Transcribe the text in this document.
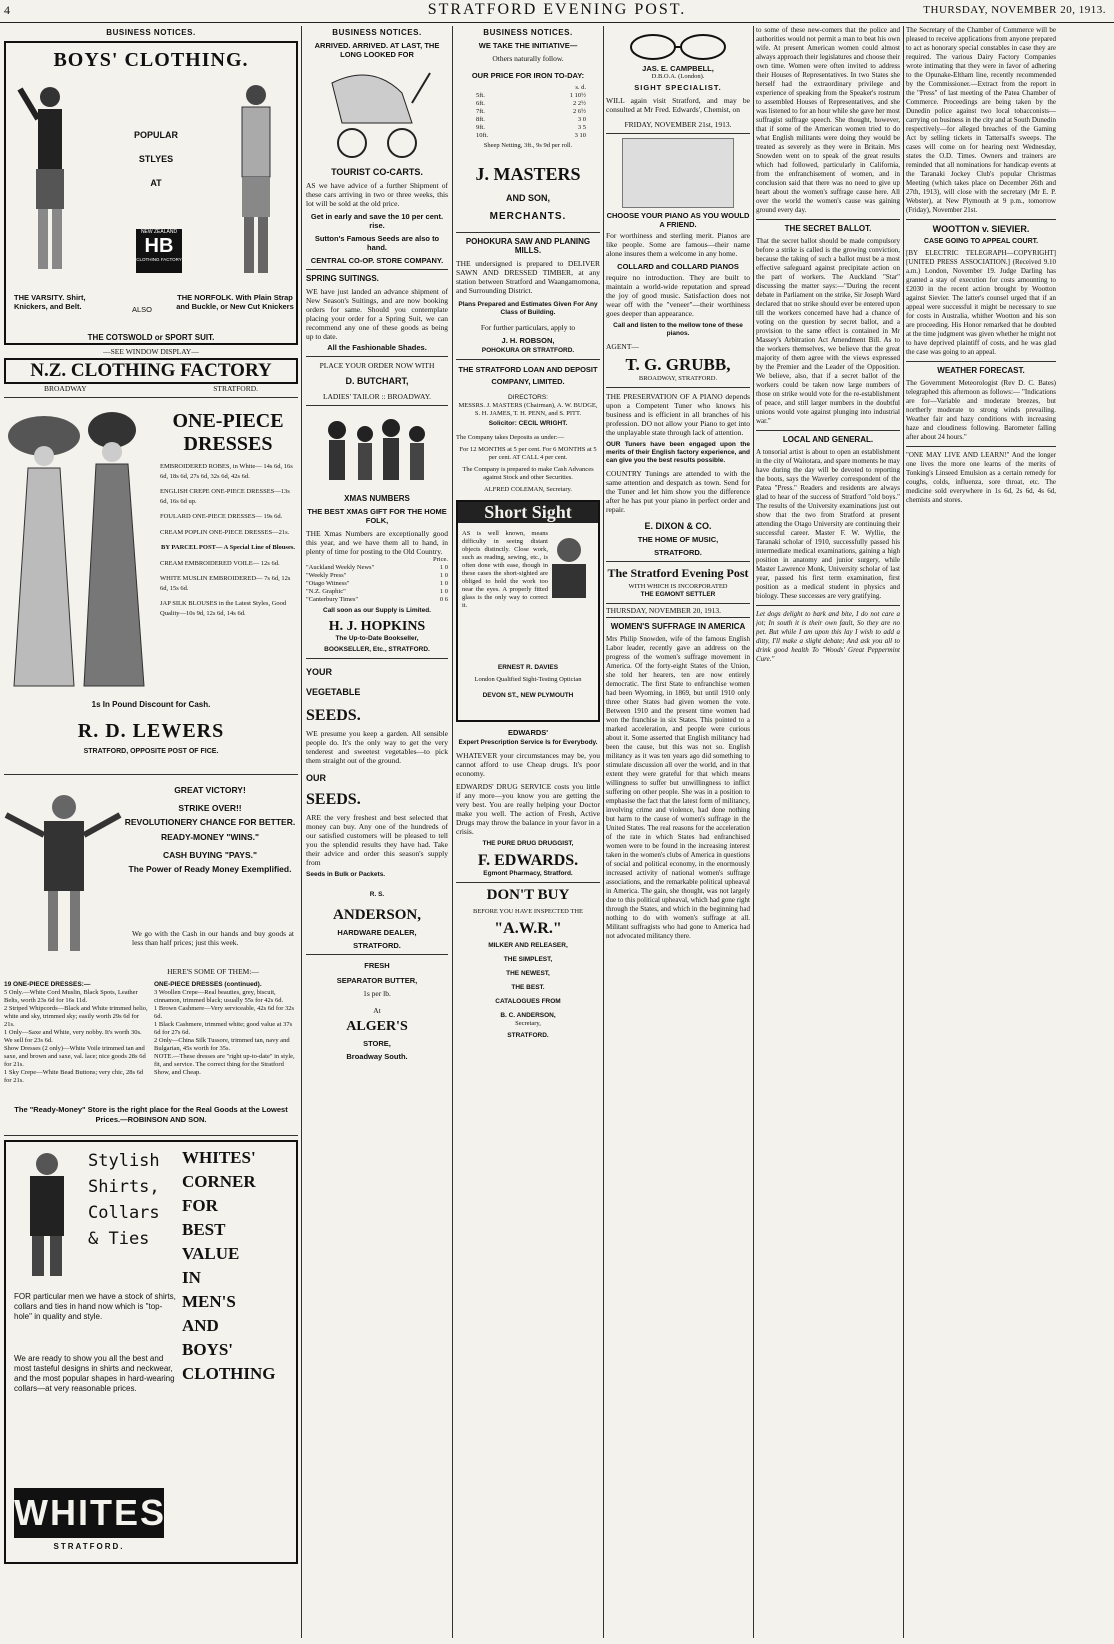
4	STRATFORD EVENING POST.	THURSDAY, NOVEMBER 20, 1913.
BUSINESS NOTICES.
BOYS' CLOTHING.
POPULAR
STLYES
AT
NEW ZEALAND
HB
CLOTHING FACTORY
THE VARSITY. Shirt, Knickers, and Belt.	ALSO
THE NORFOLK. With Plain Strap and Buckle, or New Cut Knickers
THE COTSWOLD or SPORT SUIT.
—SEE WINDOW DISPLAY—
N.Z. CLOTHING FACTORY
BROADWAY	STRATFORD.
ONE-PIECE
DRESSES
EMBROIDERED ROBES, in White— 14s 6d, 16s 6d, 18s 6d, 27s 6d, 32s 6d, 42s 6d.
ENGLISH CREPE ONE-PIECE DRESSES—13s 6d, 16s 6d up.
FOULARD ONE-PIECE DRESSES— 19s 6d.
CREAM POPLIN ONE-PIECE DRESSES—21s.
BY PARCEL POST— A Special Line of Blouses.
CREAM EMBROIDERED VOILE— 12s 6d.
WHITE MUSLIN EMBROIDERED— 7s 6d, 12s 6d, 15s 6d.
JAP SILK BLOUSES in the Latest Styles, Good Quality—10s 9d, 12s 6d, 14s 6d.
1s In Pound Discount for Cash.
R. D. LEWERS
STRATFORD, OPPOSITE POST OF FICE.
GREAT VICTORY!
STRIKE OVER!!
REVOLUTIONERY CHANCE FOR BETTER.
READY-MONEY "WINS."
CASH BUYING "PAYS."
The Power of Ready Money Exemplified.
We go with the Cash in our hands and buy goods at less than half prices; just this week.
HERE'S SOME OF THEM:—
19 ONE-PIECE DRESSES:—
5 Only.—White Cord Muslin, Black Spots, Leather Belts, worth 23s 6d for 16s 11d.
2 Striped Whipcords—Black and White trimmed helio, white and sky, trimmed sky; easily worth 29s 6d for 21s.
1 Only—Saxe and White, very nobby. It's worth 30s. We sell for 23s 6d.
Show Dresses (2 only)—White Voile trimmed tan and saxe, and brown and saxe, val. lace; nice goods 28s 6d for 21s.
1 Sky Crepe—White Bead Buttons; very chic, 28s 6d for 21s.
ONE-PIECE DRESSES (continued).
3 Woollen Crepe—Real beauties, grey, biscuit, cinnamon, trimmed black; usually 55s for 42s 6d.
1 Brown Cashmere—Very serviceable, 42s 6d for 32s 6d.
1 Black Cashmere, trimmed white; good value at 37s 6d for 27s 6d.
2 Only—China Silk Tussore, trimmed tan, navy and Bulgarian, 45s worth for 35s.
NOTE.—These dresses are "right up-to-date" in style, fit, and service. The correct thing for the Stratford Show, and Cheap.
The "Ready-Money" Store is the right place for the Real Goods at the Lowest Prices.—ROBINSON AND SON.
Stylish Shirts, Collars & Ties
WHITES'
CORNER
FOR
BEST
VALUE
IN
MEN'S
AND
BOYS'
CLOTHING
FOR particular men we have a stock of shirts, collars and ties in hand now which is "top-hole" in quality and style.
We are ready to show you all the best and most tasteful designs in shirts and neckwear, and the most popular shapes in hard-wearing collars—at very reasonable prices.
WHITES
STRATFORD.
BUSINESS NOTICES.
ARRIVED. ARRIVED. AT LAST, THE LONG LOOKED FOR
TOURIST CO-CARTS.
AS we have advice of a further Shipment of these cars arriving in two or three weeks, this lot will be sold at the old price.
Get in early and save the 10 per cent. rise.
Sutton's Famous Seeds are also to hand.
CENTRAL CO-OP. STORE COMPANY.
SPRING SUITINGS.
WE have just landed an advance shipment of New Season's Suitings, and are now booking orders for same. Should you contemplate placing your order for a Spring Suit, we can recommend any one of these goods as being up to date.
All the Fashionable Shades.
PLACE YOUR ORDER NOW WITH
D. BUTCHART,
LADIES' TAILOR :: BROADWAY.
XMAS NUMBERS
THE BEST XMAS GIFT FOR THE HOME FOLK,
THE Xmas Numbers are exceptionally good this year, and we have them all to hand, in plenty of time for posting to the Old Country.
Price.
"Auckland Weekly News"	1 0
"Weekly Press"	1 0
"Otago Witness"	1 0
"N.Z. Graphic"	1 0
"Canterbury Times"	0 6
Call soon as our Supply is Limited.
H. J. HOPKINS
The Up-to-Date Bookseller,
BOOKSELLER, Etc., STRATFORD.
YOUR
VEGETABLE
SEEDS.
WE presume you keep a garden. All sensible people do. It's the only way to get the very tenderest and sweetest vegetables—to pick them straight out of the ground.
OUR
SEEDS.
ARE the very freshest and best selected that money can buy. Any one of the hundreds of our satisfied customers will be pleased to tell you the splendid results they have had. Take their advice and order this season's supply from
Seeds in Bulk or Packets.
R. S.
ANDERSON,
HARDWARE DEALER,
STRATFORD.
FRESH
SEPARATOR BUTTER,
1s per lb.
At
ALGER'S
STORE,
Broadway South.
BUSINESS NOTICES.
WE TAKE THE INITIATIVE—
Others naturally follow.
OUR PRICE FOR IRON TO-DAY:
s. d.
5ft.	1 10½
6ft.	2 2½
7ft.	2 6½
8ft.	3 0
9ft.	3 5
10ft.	3 10
Sheep Netting, 3ft., 9s 9d per roll.
J. MASTERS
AND SON,
MERCHANTS.
POHOKURA SAW AND PLANING MILLS.
THE undersigned is prepared to DELIVER SAWN AND DRESSED TIMBER, at any station between Stratford and Waangamomona, and Surrounding District.
Plans Prepared and Estimates Given For Any Class of Building.
For further particulars, apply to
J. H. ROBSON,
POHOKURA OR STRATFORD.
THE STRATFORD LOAN AND DEPOSIT COMPANY, LIMITED.
DIRECTORS:
MESSRS. J. MASTERS (Chairman), A. W. BUDGE, S. H. JAMES, T. H. PENN, and S. PITT.
Solicitor: CECIL WRIGHT.
The Company takes Deposits as under:—
For 12 MONTHS at 5 per cent. For 6 MONTHS at 5 per cent. AT CALL 4 per cent.
The Company is prepared to make Cash Advances against Stock and other Securities.
ALFRED COLEMAN, Secretary.
Short Sight
AS is well known, means difficulty in seeing distant objects distinctly. Close work, such as reading, sewing, etc., is often done with ease, though in these cases the short-sighted are obliged to hold the work too near the eyes. A properly fitted glass is the only way to correct it.
ERNEST R. DAVIES
London Qualified Sight-Testing Optician
DEVON ST., NEW PLYMOUTH
EDWARDS'
Expert Prescription Service Is for Everybody.
WHATEVER your circumstances may be, you cannot afford to use Cheap drugs. It's poor economy.
EDWARDS' DRUG SERVICE costs you little if any more—you know you are getting the very best. You are really helping your Doctor make you well. The action of Fresh, Active Drugs may throw the balance in your favor in a crisis.
THE PURE DRUG DRUGGIST,
F. EDWARDS.
Egmont Pharmacy, Stratford.
DON'T BUY
BEFORE YOU HAVE INSPECTED THE
"A.W.R."
MILKER AND RELEASER,
THE SIMPLEST,
THE NEWEST,
THE BEST.
CATALOGUES FROM
B. C. ANDERSON,
Secretary,
STRATFORD.
JAS. E. CAMPBELL,
D.B.O.A. (London).
SIGHT SPECIALIST.
WILL again visit Stratford, and may be consulted at Mr Fred. Edwards', Chemist, on
FRIDAY, NOVEMBER 21st, 1913.
CHOOSE YOUR PIANO AS YOU WOULD A FRIEND.
For worthiness and sterling merit. Pianos are like people. Some are famous—their name alone insures them a welcome in any home.
COLLARD and COLLARD PIANOS
require no introduction. They are built to maintain a world-wide reputation and spread the joy of good music. Satisfaction does not wear off with the "veneer"—their worthiness goes deeper than appearance.
Call and listen to the mellow tone of these pianos.
AGENT—
T. G. GRUBB,
BROADWAY, STRATFORD.
THE PRESERVATION OF A PIANO depends upon a Competent Tuner who knows his business and is efficient in all branches of his profession. DO not allow your Piano to get into the unplayable state through lack of attention.
OUR Tuners have been engaged upon the merits of their English factory experience, and can give you the best results possible.
COUNTRY Tunings are attended to with the same attention and despatch as town. Send for the Tuner and let him show you the difference after he has put your piano in perfect order and repair.
E. DIXON & CO.
THE HOME OF MUSIC,
STRATFORD.
The Stratford Evening Post
WITH WHICH IS INCORPORATED
THE EGMONT SETTLER
THURSDAY, NOVEMBER 20, 1913.
WOMEN'S SUFFRAGE IN AMERICA
Mrs Philip Snowden, wife of the famous English Labor leader, recently gave an address on the progress of the women's suffrage movement in America. Of the forty-eight States of the Union, she told her hearers, ten are now entirely democratic. The first State to enfranchise women had been Wyoming, in 1869, but until 1910 only three other States had given women the vote. Between 1910 and the present time women had won the franchise in six States. This pointed to a marked acceleration, and people were curious about it. Some asserted that English militancy had been the cause, but this was not so. English militancy as it was ten years ago did something to stimulate discussion all over the world, and in that extent they were grateful for that which means willingness to suffer but unwillingness to inflict suffering on other people. She was in a position to emphasise the fact that the latest form of militancy, involving crime and violence, had done nothing but harm to the cause of women's suffrage in the United States. The real reasons for the acceleration of the rate in which States had enfranchised women were to be found in the increasing interest taken in the women's clubs of America in questions of social and political economy, in the enormously increased activity of national women's suffrage associations, and the remarkable political upheaval in America. The gain, she thought, was not largely due to this political upheaval, which had gone right through the States, and which in the beginning had nothing to do with women's suffrage at all. Militant suffragists who had gone to America had not advocated militancy there.
to some of these new-comers that the police and authorities would not permit a man to beat his own wife. At present American women could almost always approach their legislatures and choose their own time. Women were often invited to address their Houses of Representatives. In two States she herself had the extraordinary privilege and experience of speaking from the Speaker's rostrum to assembled Houses of Representatives, and she was listened to for an hour while she gave her most suffragist suffrage speech. She thought, however, that if some of the American women tried to do what English militants were doing they would be treated as severely as they were in Britain. Mrs Snowden went on to speak of the great results which had followed, particularly in California, from the enfranchisement of women, and in conclusion said that there was no need to give up heart about the women's suffrage cause here. All over the world the women's cause was gaining ground every day.
THE SECRET BALLOT.
That the secret ballot should be made compulsory before a strike is called is the growing conviction, because the taking of such a ballot must be a most effective safeguard against precipitate action on the part of workers. The Auckland "Star" discussing the matter says:—"During the recent debate in Parliament on the strike, Sir Joseph Ward declared that no strike should ever be entered upon till the workers concerned have had a chance of voting on the question by secret ballot, and a provision to the same effect is contained in Mr Massey's Arbitration Act Amendment Bill. As to the workers themselves, we believe that the great majority of them agree with the views expressed by the Premier and the Leader of the Opposition. We believe, also, that if a secret ballot of the workers could be taken now large numbers of those on strike would vote for the re-establishment of peace, and still larger numbers in the doubtful unions would vote against plunging into industrial war."
LOCAL AND GENERAL.
A tonsorial artist is about to open an establishment in the city of Waitotara, and spare moments he may have during the day will be devoted to reporting the boots, says the Waverley correspondent of the Patea "Press." Readers and residents are always glad to hear of the success of Stratford "old boys." The results of the University examinations just out show that the two from Stratford at present attending the Otago University are continuing their successful career. Master F. W. Wyllie, the Taranaki scholar of 1910, successfully passed his intermediate medical examinations, gaining a high position in anatomy and junior surgery, while Master Lawrence Monk, University scholar of last year, passed his first term examination, first position as a medical student in physics and biology. These successes are very gratifying.
Let dogs delight to bark and bite, I do not care a jot; In south it is their own fault, So they are no pet. But while I am upon this lay I wish to add a ditty, I'll make a slight debate; And ask you all to drink good health To "Woods' Great Peppermint Cure."
The Secretary of the Chamber of Commerce will be pleased to receive applications from anyone prepared to act as honorary special constables in case they are required. The various Dairy Factory Companies wrote intimating that they were in favor of adhering to the Opunake-Eltham line, recently recommended by the Commissioner.—Extract from the report in the "Press" of last meeting of the Patea Chamber of Commerce. Proceedings are being taken by the Dunedin police against two local tobacconists—carrying on business in the city and at South Dunedin respectively—for alleged breaches of the Gaming Act by selling tickets in Tattersall's sweeps. The cases will come on for hearing next Wednesday, states the O.D. Times. Owners and trainers are reminded that all nominations for handicap events at the Taranaki Jockey Club's popular Christmas Meeting (which takes place on December 26th and 27th, 1913), will close with the secretary (Mr E. P. Webster), at New Plymouth at 9 p.m., tomorrow (Friday), November 21st.
WOOTTON v. SIEVIER.
CASE GOING TO APPEAL COURT.
[BY ELECTRIC TELEGRAPH—COPYRIGHT] [UNITED PRESS ASSOCIATION.] (Received 9.10 a.m.) London, November 19. Judge Darling has granted a stay of execution for costs amounting to £2030 in the recent action brought by Wootton against Sievier. The latter's counsel urged that if an appeal were successful it might be necessary to sue for costs in Australia, whither Wootton and his son are proceeding. His Honor remarked that he doubted at the time judgment was given whether he might not to have deprived plaintiff of costs, and he was glad the case was going to an appeal.
WEATHER FORECAST.
The Government Meteorologist (Rev D. C. Bates) telegraphed this afternoon as follows:— "Indications are for—Variable and moderate breezes, but northerly moderate to strong winds prevailing. Weather fair and hazy conditions with increasing haze and cloudiness following. Barometer falling after about 24 hours."
"ONE MAY LIVE AND LEARN!" And the longer one lives the more one learns of the merits of Tonking's Linseed Emulsion as a certain remedy for coughs, colds, influenza, sore throat, etc. The medicine sold everywhere in 1s 6d, 2s 6d, 4s 6d, chemists and stores.
